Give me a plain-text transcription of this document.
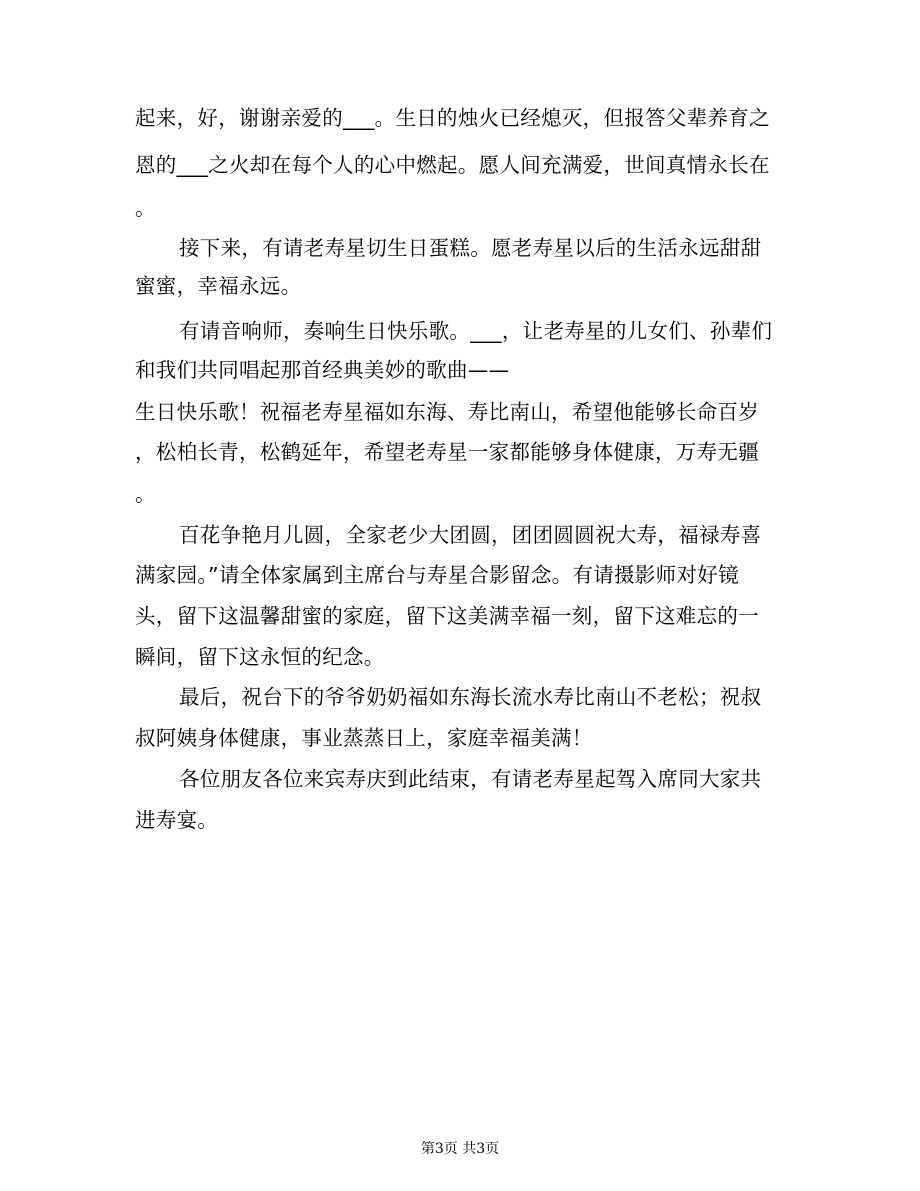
起来，好，谢谢亲爱的___。生日的烛火已经熄灭，但报答父辈养育之
恩的___之火却在每个人的心中燃起。愿人间充满爱，世间真情永长在
。
接下来，有请老寿星切生日蛋糕。愿老寿星以后的生活永远甜甜
蜜蜜，幸福永远。
有请音响师，奏响生日快乐歌。___，让老寿星的儿女们、孙辈们
和我们共同唱起那首经典美妙的歌曲——
生日快乐歌！祝福老寿星福如东海、寿比南山，希望他能够长命百岁
，松柏长青，松鹤延年，希望老寿星一家都能够身体健康，万寿无疆
。
百花争艳月儿圆，全家老少大团圆，团团圆圆祝大寿，福禄寿喜
满家园。”请全体家属到主席台与寿星合影留念。有请摄影师对好镜
头，留下这温馨甜蜜的家庭，留下这美满幸福一刻，留下这难忘的一
瞬间，留下这永恒的纪念。
最后，祝台下的爷爷奶奶福如东海长流水寿比南山不老松；祝叔
叔阿姨身体健康，事业蒸蒸日上，家庭幸福美满！
各位朋友各位来宾寿庆到此结束，有请老寿星起驾入席同大家共
进寿宴。
第3页 共3页
